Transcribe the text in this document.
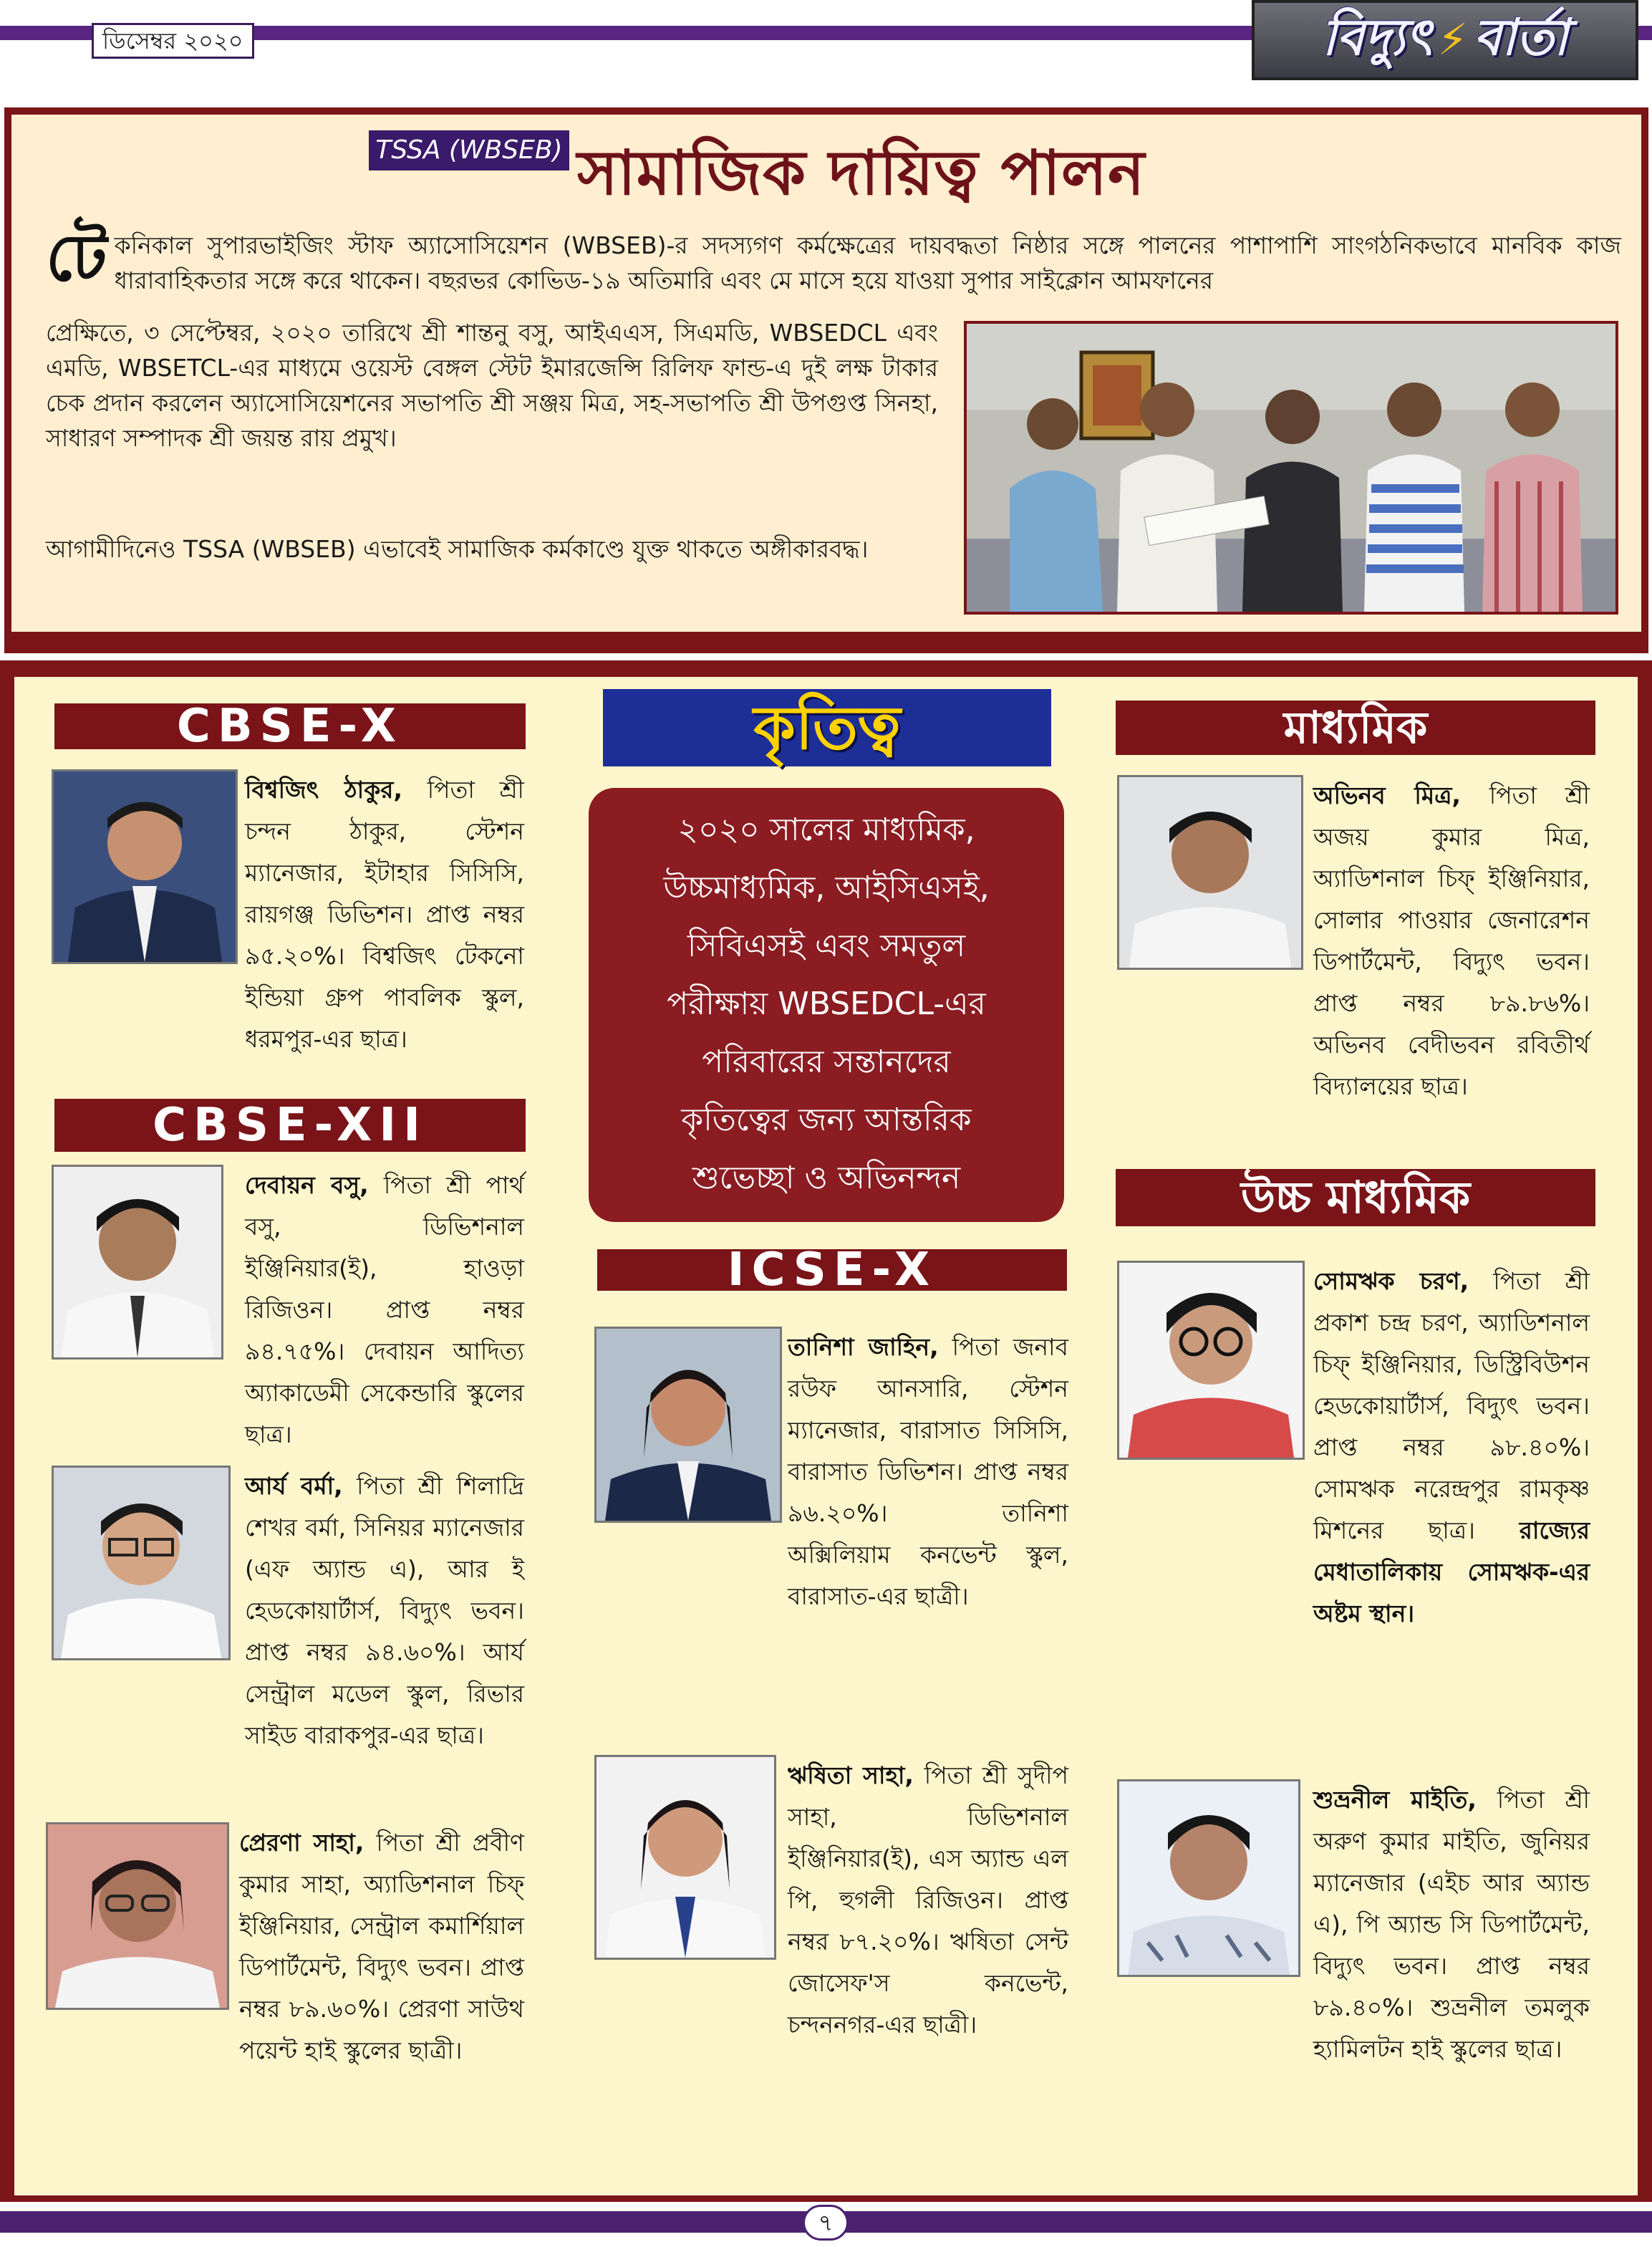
ডিসেম্বর ২০২০	বিদ্যুৎ ⚡ বার্তা
TSSA (WBSEB) সামাজিক দায়িত্ব পালন
টেকনিকাল সুপারভাইজিং স্টাফ অ্যাসোসিয়েশন (WBSEB)-র সদস্যগণ কর্মক্ষেত্রের দায়বদ্ধতা নিষ্ঠার সঙ্গে পালনের পাশাপাশি সাংগঠনিকভাবে মানবিক কাজ ধারাবাহিকতার সঙ্গে করে থাকেন। বছরভর কোভিড-১৯ অতিমারি এবং মে মাসে হয়ে যাওয়া সুপার সাইক্লোন আমফানের
প্রেক্ষিতে, ৩ সেপ্টেম্বর, ২০২০ তারিখে শ্রী শান্তনু বসু, আইএএস, সিএমডি, WBSEDCL এবং এমডি, WBSETCL-এর মাধ্যমে ওয়েস্ট বেঙ্গল স্টেট ইমারজেন্সি রিলিফ ফান্ড-এ দুই লক্ষ টাকার চেক প্রদান করলেন অ্যাসোসিয়েশনের সভাপতি শ্রী সঞ্জয় মিত্র, সহ-সভাপতি শ্রী উপগুপ্ত সিনহা, সাধারণ সম্পাদক শ্রী জয়ন্ত রায় প্রমুখ।
আগামীদিনেও TSSA (WBSEB) এভাবেই সামাজিক কর্মকাণ্ডে যুক্ত থাকতে অঙ্গীকারবদ্ধ।
CBSE-X
বিশ্বজিৎ ঠাকুর, পিতা শ্রী চন্দন ঠাকুর, স্টেশন ম্যানেজার, ইটাহার সিসিসি, রায়গঞ্জ ডিভিশন। প্রাপ্ত নম্বর ৯৫.২০%। বিশ্বজিৎ টেকনো ইন্ডিয়া গ্রুপ পাবলিক স্কুল, ধরমপুর-এর ছাত্র।
CBSE-XII
দেবায়ন বসু, পিতা শ্রী পার্থ বসু, ডিভিশনাল ইঞ্জিনিয়ার(ই), হাওড়া রিজিওন। প্রাপ্ত নম্বর ৯৪.৭৫%। দেবায়ন আদিত্য অ্যাকাডেমী সেকেন্ডারি স্কুলের ছাত্র।
আর্য বর্মা, পিতা শ্রী শিলাদ্রি শেখর বর্মা, সিনিয়র ম্যানেজার (এফ অ্যান্ড এ), আর ই হেডকোয়ার্টার্স, বিদ্যুৎ ভবন। প্রাপ্ত নম্বর ৯৪.৬০%। আর্য সেন্ট্রাল মডেল স্কুল, রিভার সাইড বারাকপুর-এর ছাত্র।
প্রেরণা সাহা, পিতা শ্রী প্রবীণ কুমার সাহা, অ্যাডিশনাল চিফ্ ইঞ্জিনিয়ার, সেন্ট্রাল কমার্শিয়াল ডিপার্টমেন্ট, বিদ্যুৎ ভবন। প্রাপ্ত নম্বর ৮৯.৬০%। প্রেরণা সাউথ পয়েন্ট হাই স্কুলের ছাত্রী।
কৃতিত্ব
২০২০ সালের মাধ্যমিক,
উচ্চমাধ্যমিক, আইসিএসই,
সিবিএসই এবং সমতুল
পরীক্ষায় WBSEDCL-এর
পরিবারের সন্তানদের
কৃতিত্বের জন্য আন্তরিক
শুভেচ্ছা ও অভিনন্দন
ICSE-X
তানিশা জাহিন, পিতা জনাব রউফ আনসারি, স্টেশন ম্যানেজার, বারাসাত সিসিসি, বারাসাত ডিভিশন। প্রাপ্ত নম্বর ৯৬.২০%। তানিশা অক্সিলিয়াম কনভেন্ট স্কুল, বারাসাত-এর ছাত্রী।
ঋষিতা সাহা, পিতা শ্রী সুদীপ সাহা, ডিভিশনাল ইঞ্জিনিয়ার(ই), এস অ্যান্ড এল পি, হুগলী রিজিওন। প্রাপ্ত নম্বর ৮৭.২০%। ঋষিতা সেন্ট জোসেফ'স কনভেন্ট, চন্দননগর-এর ছাত্রী।
মাধ্যমিক
অভিনব মিত্র, পিতা শ্রী অজয় কুমার মিত্র, অ্যাডিশনাল চিফ্ ইঞ্জিনিয়ার, সোলার পাওয়ার জেনারেশন ডিপার্টমেন্ট, বিদ্যুৎ ভবন। প্রাপ্ত নম্বর ৮৯.৮৬%। অভিনব বেদীভবন রবিতীর্থ বিদ্যালয়ের ছাত্র।
উচ্চ মাধ্যমিক
সোমঋক চরণ, পিতা শ্রী প্রকাশ চন্দ্র চরণ, অ্যাডিশনাল চিফ্ ইঞ্জিনিয়ার, ডিস্ট্রিবিউশন হেডকোয়ার্টার্স, বিদ্যুৎ ভবন। প্রাপ্ত নম্বর ৯৮.৪০%। সোমঋক নরেন্দ্রপুর রামকৃষ্ণ মিশনের ছাত্র। রাজ্যের মেধাতালিকায় সোমঋক-এর অষ্টম স্থান।
শুভ্রনীল মাইতি, পিতা শ্রী অরুণ কুমার মাইতি, জুনিয়র ম্যানেজার (এইচ আর অ্যান্ড এ), পি অ্যান্ড সি ডিপার্টমেন্ট, বিদ্যুৎ ভবন। প্রাপ্ত নম্বর ৮৯.৪০%। শুভ্রনীল তমলুক হ্যামিলটন হাই স্কুলের ছাত্র।
৭
